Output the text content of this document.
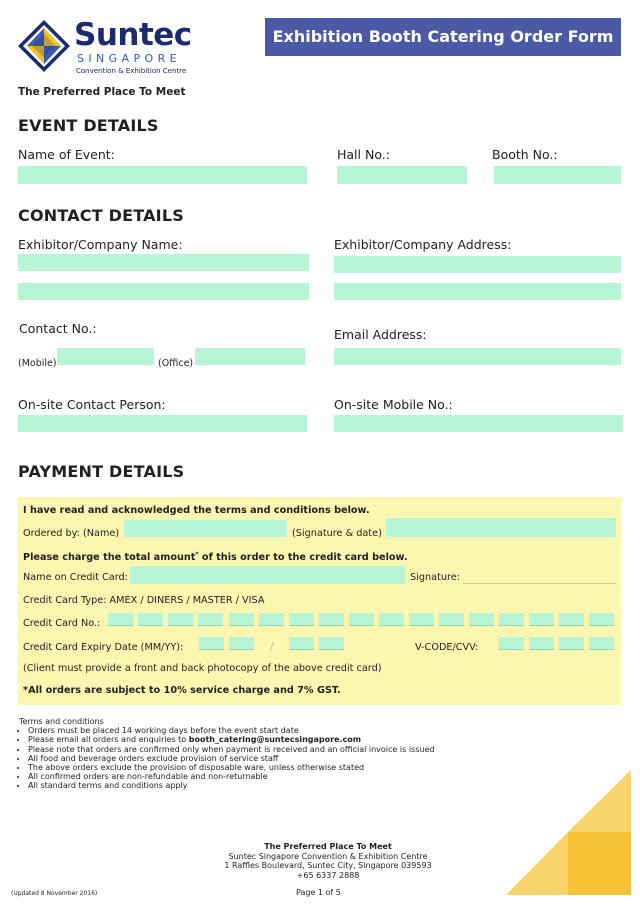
Suntec
SINGAPORE
Convention & Exhibition Centre
The Preferred Place To Meet
Exhibition Booth Catering Order Form
EVENT DETAILS
Name of Event:	Hall No.:	Booth No.:
CONTACT DETAILS
Exhibitor/Company Name:	Exhibitor/Company Address:
Contact No.:
(Mobile)	(Office)
Email Address:
On-site Contact Person:	On-site Mobile No.:
PAYMENT DETAILS
I have read and acknowledged the terms and conditions below.
Ordered by: (Name)	(Signature & date)
Please charge the total amount* of this order to the credit card below.
Name on Credit Card:	Signature:
Credit Card Type: AMEX / DINERS / MASTER / VISA
Credit Card No.:
Credit Card Expiry Date (MM/YY):	/	V-CODE/CVV:
(Client must provide a front and back photocopy of the above credit card)
*All orders are subject to 10% service charge and 7% GST.
Terms and conditions
• Orders must be placed 14 working days before the event start date
• Please email all orders and enquiries to booth_catering@suntecsingapore.com
• Please note that orders are confirmed only when payment is received and an official invoice is issued
• All food and beverage orders exclude provision of service staff
• The above orders exclude the provision of disposable ware, unless otherwise stated
• All confirmed orders are non-refundable and non-returnable
• All standard terms and conditions apply
The Preferred Place To Meet
Suntec Singapore Convention & Exhibition Centre
1 Raffles Boulevard, Suntec City, Singapore 039593
+65 6337 2888
Page 1 of 5
(Updated 8 November 2016)
